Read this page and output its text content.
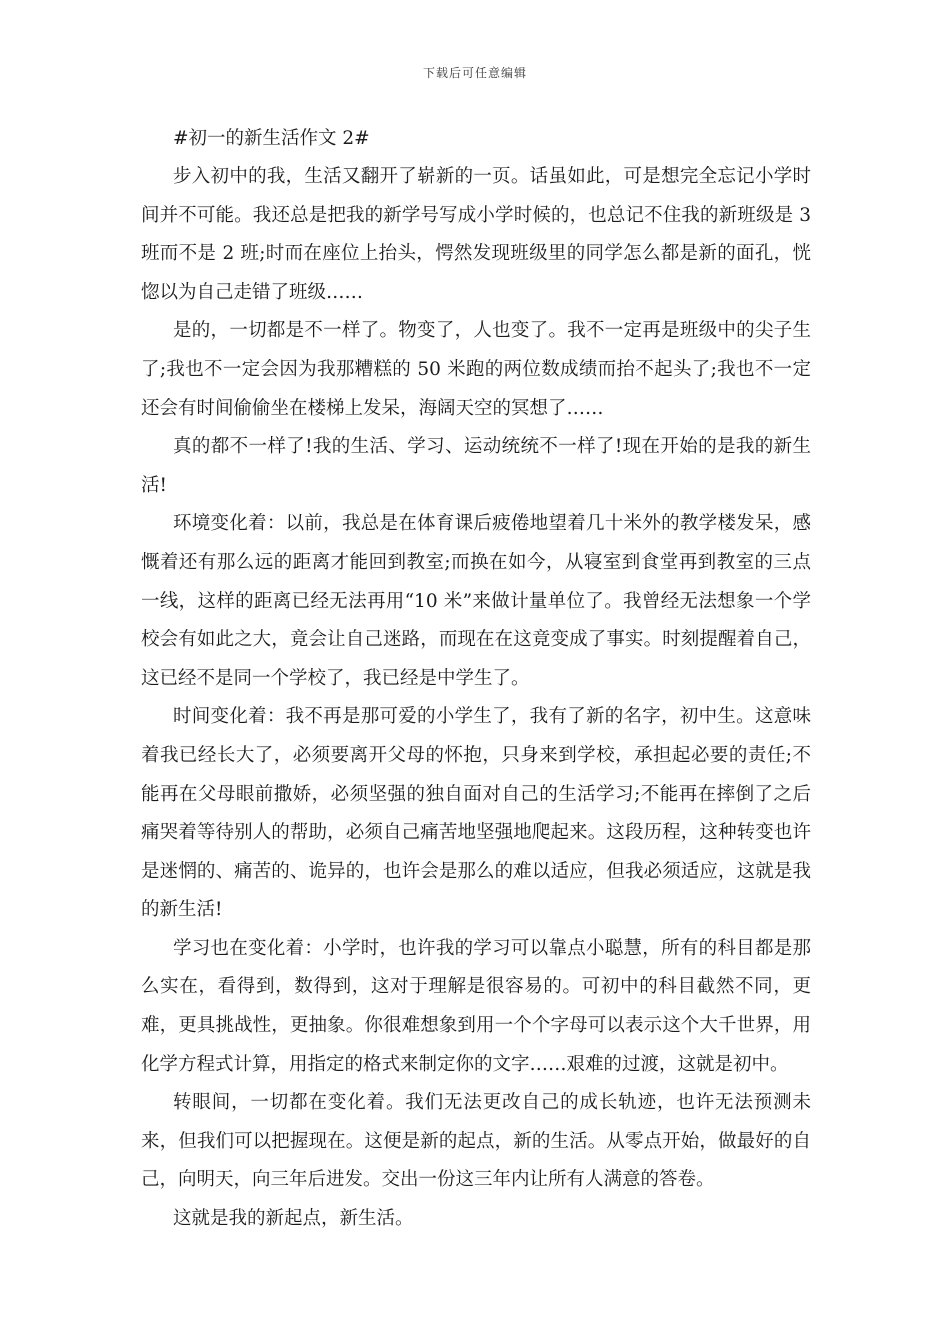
下载后可任意编辑

#初一的新生活作文 2#

步入初中的我，生活又翻开了崭新的一页。话虽如此，可是想完全忘记小学时间并不可能。我还总是把我的新学号写成小学时候的，也总记不住我的新班级是 3 班而不是 2 班;时而在座位上抬头，愕然发现班级里的同学怎么都是新的面孔，恍惚以为自己走错了班级……

是的，一切都是不一样了。物变了，人也变了。我不一定再是班级中的尖子生了;我也不一定会因为我那糟糕的 50 米跑的两位数成绩而抬不起头了;我也不一定还会有时间偷偷坐在楼梯上发呆，海阔天空的冥想了……

真的都不一样了!我的生活、学习、运动统统不一样了!现在开始的是我的新生活!

环境变化着：以前，我总是在体育课后疲倦地望着几十米外的教学楼发呆，感慨着还有那么远的距离才能回到教室;而换在如今，从寝室到食堂再到教室的三点一线，这样的距离已经无法再用“10 米”来做计量单位了。我曾经无法想象一个学校会有如此之大，竟会让自己迷路，而现在在这竟变成了事实。时刻提醒着自己，这已经不是同一个学校了，我已经是中学生了。

时间变化着：我不再是那可爱的小学生了，我有了新的名字，初中生。这意味着我已经长大了，必须要离开父母的怀抱，只身来到学校，承担起必要的责任;不能再在父母眼前撒娇，必须坚强的独自面对自己的生活学习;不能再在摔倒了之后痛哭着等待别人的帮助，必须自己痛苦地坚强地爬起来。这段历程，这种转变也许是迷惘的、痛苦的、诡异的，也许会是那么的难以适应，但我必须适应，这就是我的新生活!

学习也在变化着：小学时，也许我的学习可以靠点小聪慧，所有的科目都是那么实在，看得到，数得到，这对于理解是很容易的。可初中的科目截然不同，更难，更具挑战性，更抽象。你很难想象到用一个个字母可以表示这个大千世界，用化学方程式计算，用指定的格式来制定你的文字……艰难的过渡，这就是初中。

转眼间，一切都在变化着。我们无法更改自己的成长轨迹，也许无法预测未来，但我们可以把握现在。这便是新的起点，新的生活。从零点开始，做最好的自己，向明天，向三年后进发。交出一份这三年内让所有人满意的答卷。

这就是我的新起点，新生活。
